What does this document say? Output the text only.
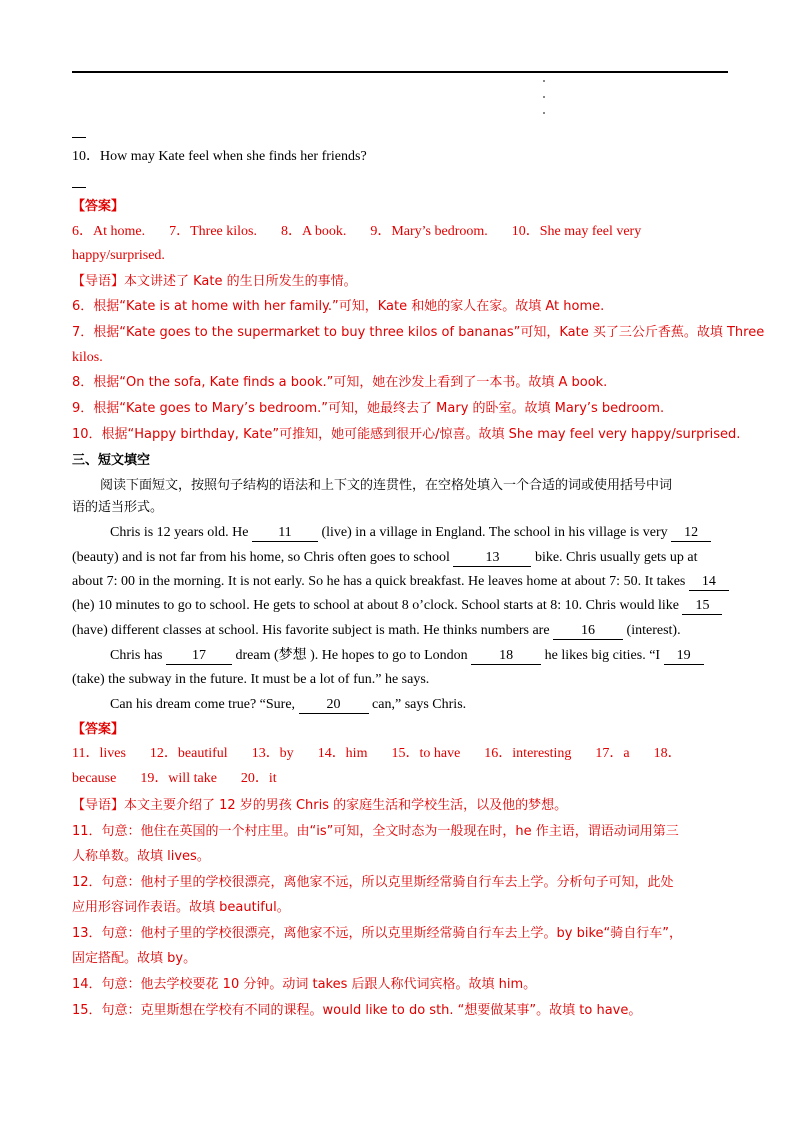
10．How may Kate feel when she finds her friends?
【答案】
6．At home. 7．Three kilos. 8．A book. 9．Mary’s bedroom. 10．She may feel very
happy/surprised.
【导语】本文讲述了 Kate 的生日所发生的事情。
6．根据“Kate is at home with her family.”可知，Kate 和她的家人在家。故填 At home.
7．根据“Kate goes to the supermarket to buy three kilos of bananas”可知，Kate 买了三公斤香蕉。故填 Three
kilos.
8．根据“On the sofa, Kate finds a book.”可知，她在沙发上看到了一本书。故填 A book.
9．根据“Kate goes to Mary’s bedroom.”可知，她最终去了 Mary 的卧室。故填 Mary’s bedroom.
10．根据“Happy birthday, Kate”可推知，她可能感到很开心/惊喜。故填 She may feel very happy/surprised.
三、短文填空
阅读下面短文，按照句子结构的语法和上下文的连贯性，在空格处填入一个合适的词或使用括号中词
语的适当形式。
Chris is 12 years old. He 11 (live) in a village in England. The school in his village is very 12
(beauty) and is not far from his home, so Chris often goes to school 13 bike. Chris usually gets up at
about 7: 00 in the morning. It is not early. So he has a quick breakfast. He leaves home at about 7: 50. It takes 14
(he) 10 minutes to go to school. He gets to school at about 8 o’clock. School starts at 8: 10. Chris would like 15
(have) different classes at school. His favorite subject is math. He thinks numbers are 16 (interest).
Chris has 17 dream (梦想 ). He hopes to go to London 18 he likes big cities. “I 19
(take) the subway in the future. It must be a lot of fun.” he says.
Can his dream come true? “Sure, 20 can,” says Chris.
【答案】
11．lives 12．beautiful 13．by 14．him 15．to have 16．interesting 17．a 18．
because 19．will take 20．it
【导语】本文主要介绍了 12 岁的男孩 Chris 的家庭生活和学校生活，以及他的梦想。
11．句意：他住在英国的一个村庄里。由“is”可知，全文时态为一般现在时，he 作主语，谓语动词用第三
人称单数。故填 lives。
12．句意：他村子里的学校很漂亮，离他家不远，所以克里斯经常骑自行车去上学。分析句子可知，此处
应用形容词作表语。故填 beautiful。
13．句意：他村子里的学校很漂亮，离他家不远，所以克里斯经常骑自行车去上学。by bike“骑自行车”，
固定搭配。故填 by。
14．句意：他去学校要花 10 分钟。动词 takes 后跟人称代词宾格。故填 him。
15．句意：克里斯想在学校有不同的课程。would like to do sth. “想要做某事”。故填 to have。
